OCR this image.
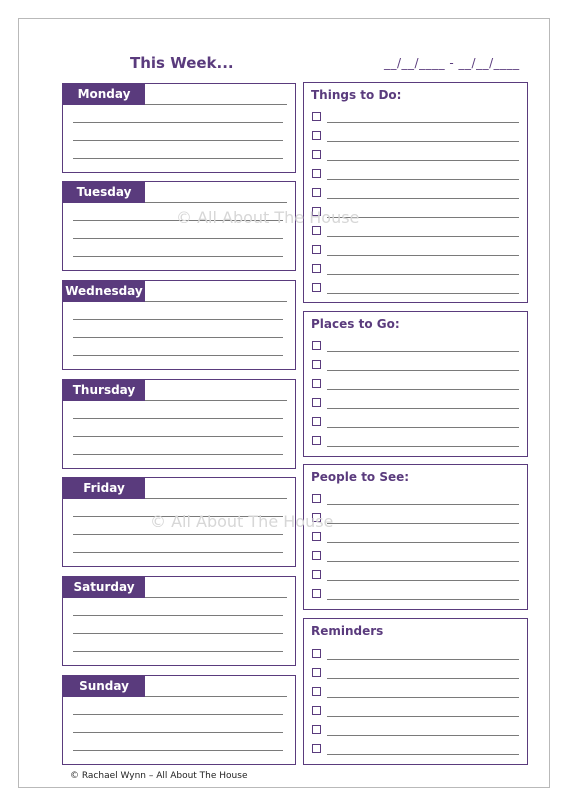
This Week...	__/__/____ - __/__/____
Monday
Tuesday
Wednesday
Thursday
Friday
Saturday
Sunday
Things to Do:
Places to Go:
People to See:
Reminders
© All About The House
© All About The House
© Rachael Wynn – All About The House
